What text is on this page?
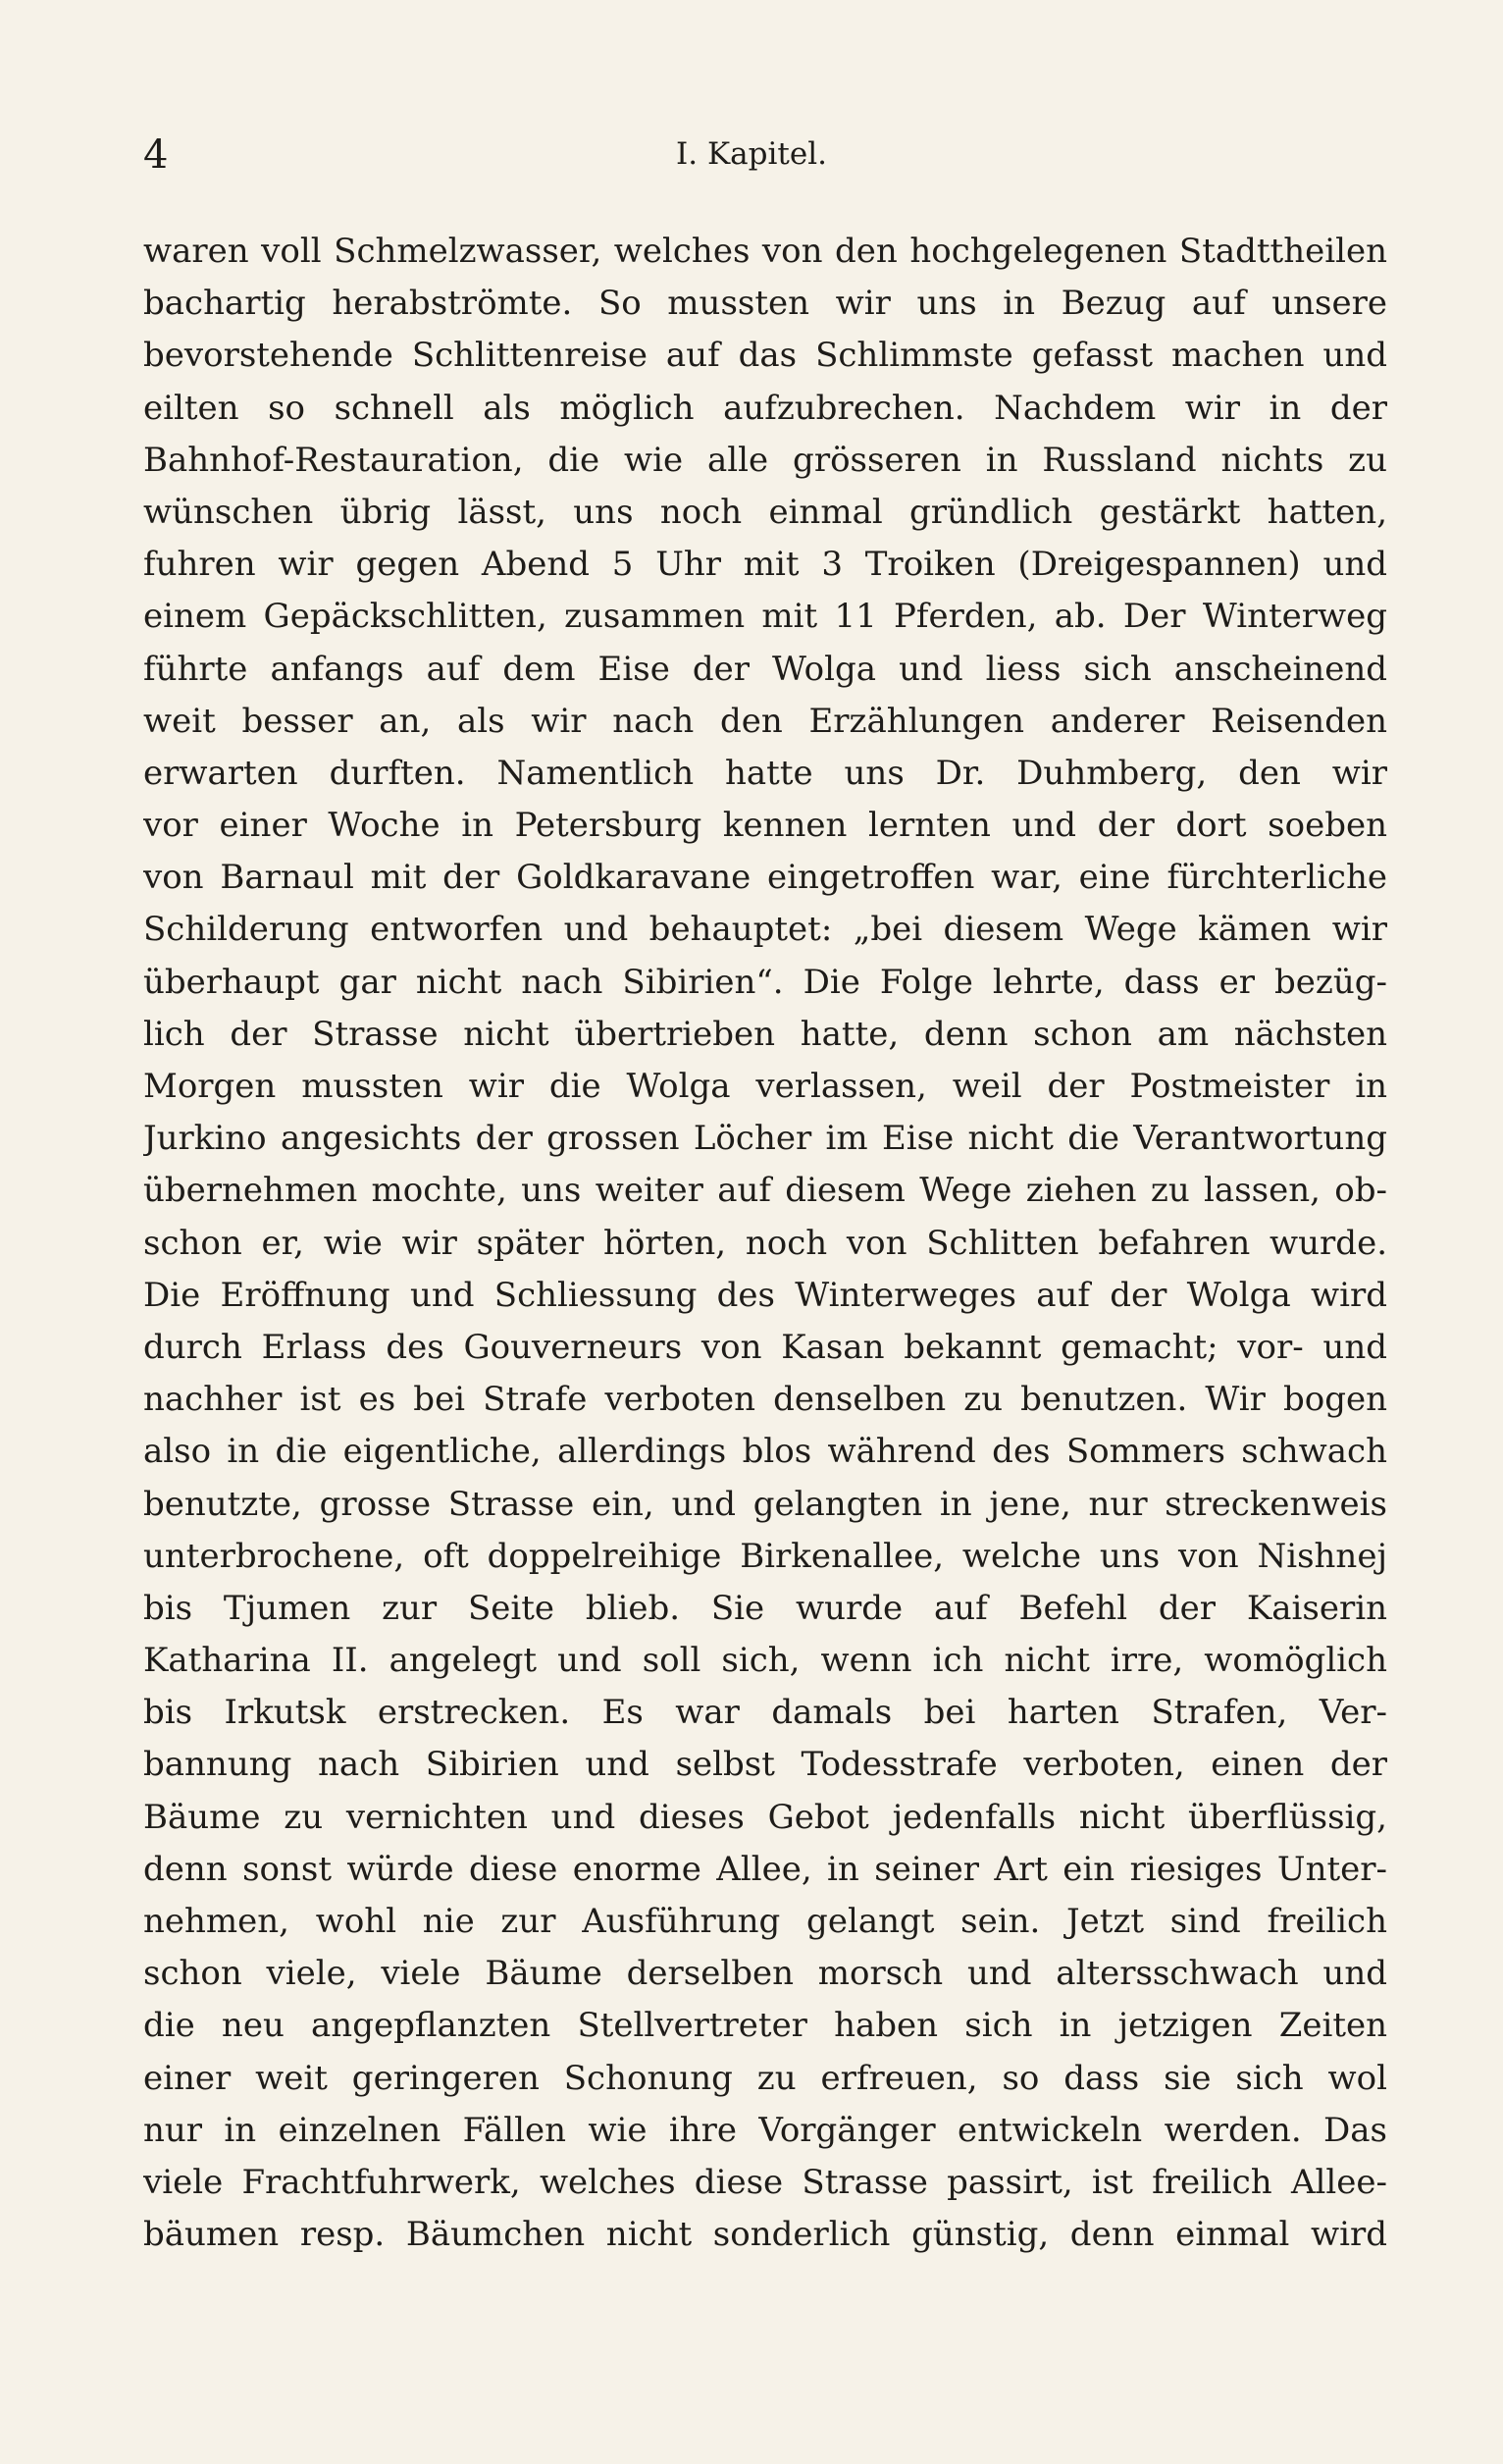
4	I. Kapitel.
waren voll Schmelzwasser, welches von den hochgelegenen Stadttheilen
bachartig herabströmte. So mussten wir uns in Bezug auf unsere
bevorstehende Schlittenreise auf das Schlimmste gefasst machen und
eilten so schnell als möglich aufzubrechen. Nachdem wir in der
Bahnhof-Restauration, die wie alle grösseren in Russland nichts zu
wünschen übrig lässt, uns noch einmal gründlich gestärkt hatten,
fuhren wir gegen Abend 5 Uhr mit 3 Troiken (Dreigespannen) und
einem Gepäckschlitten, zusammen mit 11 Pferden, ab. Der Winterweg
führte anfangs auf dem Eise der Wolga und liess sich anscheinend
weit besser an, als wir nach den Erzählungen anderer Reisenden
erwarten durften. Namentlich hatte uns Dr. Duhmberg, den wir
vor einer Woche in Petersburg kennen lernten und der dort soeben
von Barnaul mit der Goldkaravane eingetroffen war, eine fürchterliche
Schilderung entworfen und behauptet: „bei diesem Wege kämen wir
überhaupt gar nicht nach Sibirien“. Die Folge lehrte, dass er bezüg-
lich der Strasse nicht übertrieben hatte, denn schon am nächsten
Morgen mussten wir die Wolga verlassen, weil der Postmeister in
Jurkino angesichts der grossen Löcher im Eise nicht die Verantwortung
übernehmen mochte, uns weiter auf diesem Wege ziehen zu lassen, ob-
schon er, wie wir später hörten, noch von Schlitten befahren wurde.
Die Eröffnung und Schliessung des Winterweges auf der Wolga wird
durch Erlass des Gouverneurs von Kasan bekannt gemacht; vor- und
nachher ist es bei Strafe verboten denselben zu benutzen. Wir bogen
also in die eigentliche, allerdings blos während des Sommers schwach
benutzte, grosse Strasse ein, und gelangten in jene, nur streckenweis
unterbrochene, oft doppelreihige Birkenallee, welche uns von Nishnej
bis Tjumen zur Seite blieb. Sie wurde auf Befehl der Kaiserin
Katharina II. angelegt und soll sich, wenn ich nicht irre, womöglich
bis Irkutsk erstrecken. Es war damals bei harten Strafen, Ver-
bannung nach Sibirien und selbst Todesstrafe verboten, einen der
Bäume zu vernichten und dieses Gebot jedenfalls nicht überflüssig,
denn sonst würde diese enorme Allee, in seiner Art ein riesiges Unter-
nehmen, wohl nie zur Ausführung gelangt sein. Jetzt sind freilich
schon viele, viele Bäume derselben morsch und altersschwach und
die neu angepflanzten Stellvertreter haben sich in jetzigen Zeiten
einer weit geringeren Schonung zu erfreuen, so dass sie sich wol
nur in einzelnen Fällen wie ihre Vorgänger entwickeln werden. Das
viele Frachtfuhrwerk, welches diese Strasse passirt, ist freilich Allee-
bäumen resp. Bäumchen nicht sonderlich günstig, denn einmal wird
